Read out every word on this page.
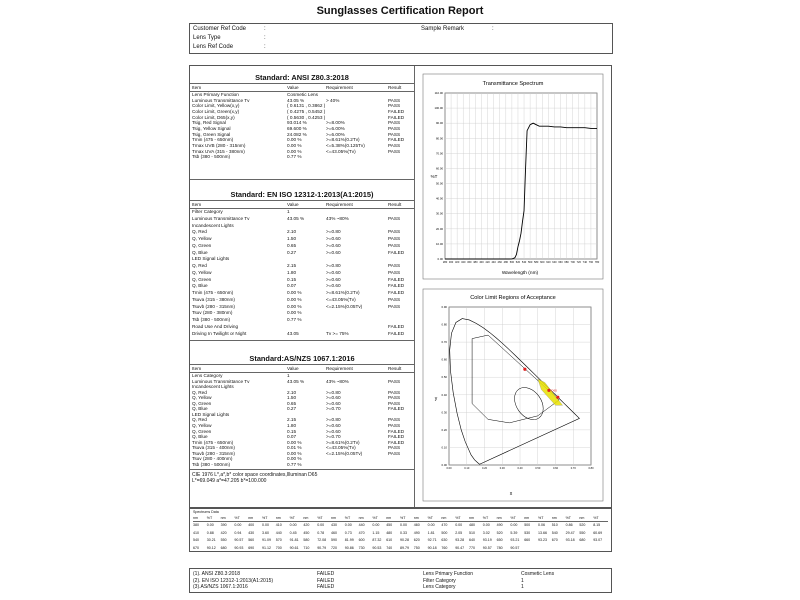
Sunglasses Certification Report
Customer Ref Code	:
Lens Type	:
Lens Ref Code	:
Sample Remark	:
Standard: ANSI Z80.3:2018
Item	Value	Requirement	Result
Lens Primary Function	Cosmetic Lens
Luminous Transmittance Tv	43.05 %	> 40%	PASS
Color Limit, Yellow(x,y)	( 0.6131 , 0.3862 )	PASS
Color Limit, Green(x,y)	( 0.4275 , 0.5452 )	FAILED
Color Limit, D65(x,y)	( 0.5630 , 0.4253 )	FAILED
Tsig, Red Signal	93.014 %	>=8.00%	PASS
Tsig, Yellow Signal	69.600 %	>=6.00%	PASS
Tsig, Green Signal	24.082 %	>=6.00%	PASS
Tmin (475 - 650nm)	0.00 %	>=8.61%(0.2Tv)	FAILED
Tmax UVB (280 - 315nm)	0.00 %	<=5.38%(0.125Tv)	PASS
Tmax UVA (315 - 380nm)	0.00 %	<=43.05%(Tv)	PASS
Tsb (380 - 500nm)	0.77 %
Standard: EN ISO 12312-1:2013(A1:2015)
Item	Value	Requirement	Result
Filter Category	1
Luminous Transmittance Tv	43.05 %	43% ~80%	PASS
Incandescent Lights
Q, Red	2.10	>=0.80	PASS
Q, Yellow	1.50	>=0.60	PASS
Q, Green	0.65	>=0.60	PASS
Q, Blue	0.27	>=0.60	FAILED
LED Signal Lights
Q, Red	2.15	>=0.80	PASS
Q, Yellow	1.80	>=0.60	PASS
Q, Green	0.15	>=0.60	FAILED
Q, Blue	0.07	>=0.60	FAILED
Tmin (475 - 650nm)	0.00 %	>=8.61%(0.2Tv)	FAILED
Tsuva (315 - 380nm)	0.00 %	<=43.05%(Tv)	PASS
Tsuvb (280 - 315nm)	0.00 %	<=2.15%(0.05Tv)	PASS
Tsuv (280 - 380nm)	0.00 %
Tsb (380 - 500nm)	0.77 %
Road Use And Driving	FAILED
Driving In Twilight or Night	43.05	Tv >= 75%	FAILED
Standard:AS/NZS 1067.1:2016
Item	Value	Requirement	Result
CIE 1976 L*,a*,b* color space coordinates,Illuminan D65
L*=69.049 a*=47.205 b*=100.000
Lens Category	1
Luminous Transmittance Tv	43.05 %	43% ~80%	PASS
Incandescent Lights
Q, Red	2.10	>=0.80	PASS
Q, Yellow	1.50	>=0.60	PASS
Q, Green	0.65	>=0.60	PASS
Q, Blue	0.27	>=0.70	FAILED
LED Signal Lights
Q, Red	2.15	>=0.80	PASS
Q, Yellow	1.80	>=0.60	PASS
Q, Green	0.15	>=0.60	FAILED
Q, Blue	0.07	>=0.70	FAILED
Tmin (475 - 650nm)	0.00 %	>=8.61%(0.2Tv)	FAILED
Tsuva (315 - 400nm)	0.01 %	<=43.05%(Tv)	PASS
Tsuvb (280 - 315nm)	0.00 %	<=2.15%(0.05Tv)	PASS
Tsuv (280 - 400nm)	0.00 %
Tsb (380 - 500nm)	0.77 %
Transmittance Spectrum
0.00
10.00
20.00
30.00
40.00
50.00
60.00
70.00
80.00
90.00
100.00
110.00
280 300 320 340 360 380 400 420 440 460 480 500 520 540 560 580 600 620 640 660 680 700 720 740 760 780
%T
Wavelength (nm)
Color Limit Regions of Acceptance
0.00
0.10
0.20
0.30
0.40
0.50
0.60
0.70
0.80
0.90
0.00	0.10	0.20	0.30	0.40	0.50	0.60	0.70	0.80
D65
y
x
Spectrums Data
nm %T nm %T nm %T nm %T nm %T nm %T nm %T nm %T nm %T nm %T nm %T nm %T nm %T nm %T nm %T
380 0.00 390 0.00 400 0.00 410 0.00 420 0.00 430 0.00 440 0.00 450 0.00 460 0.00 470 0.00 480 0.00 490 0.00 500 0.06 510 0.86 520 8.15
410 0.88 420 0.94 430 3.60 440 0.45 450 0.78 460 0.73 470 1.15 480 0.33 490 1.81 500 2.05 510 3.02 520 5.39 530 13.66 540 29.47 550 60.69
540 30.21 550 90.57 560 91.09 570 91.81 580 72.08 590 81.99 600 87.32 610 90.28 620 92.71 630 93.28 640 93.19 650 93.21 660 93.23 670 93.18 680 93.07
670 90.12 680 90.93 690 91.12 700 90.61 710 90.79 720 90.86 730 90.53 740 89.79 750 90.18 760 90.47 770 90.57 780 90.57
(1). ANSI Z80.3:2018	FAILED	Lens Primary Function	Cosmetic Lens
(2). EN ISO 12312-1:2013(A1:2015)	FAILED	Filter Category	1
(3).AS/NZS 1067.1:2016	FAILED	Lens Category	1
